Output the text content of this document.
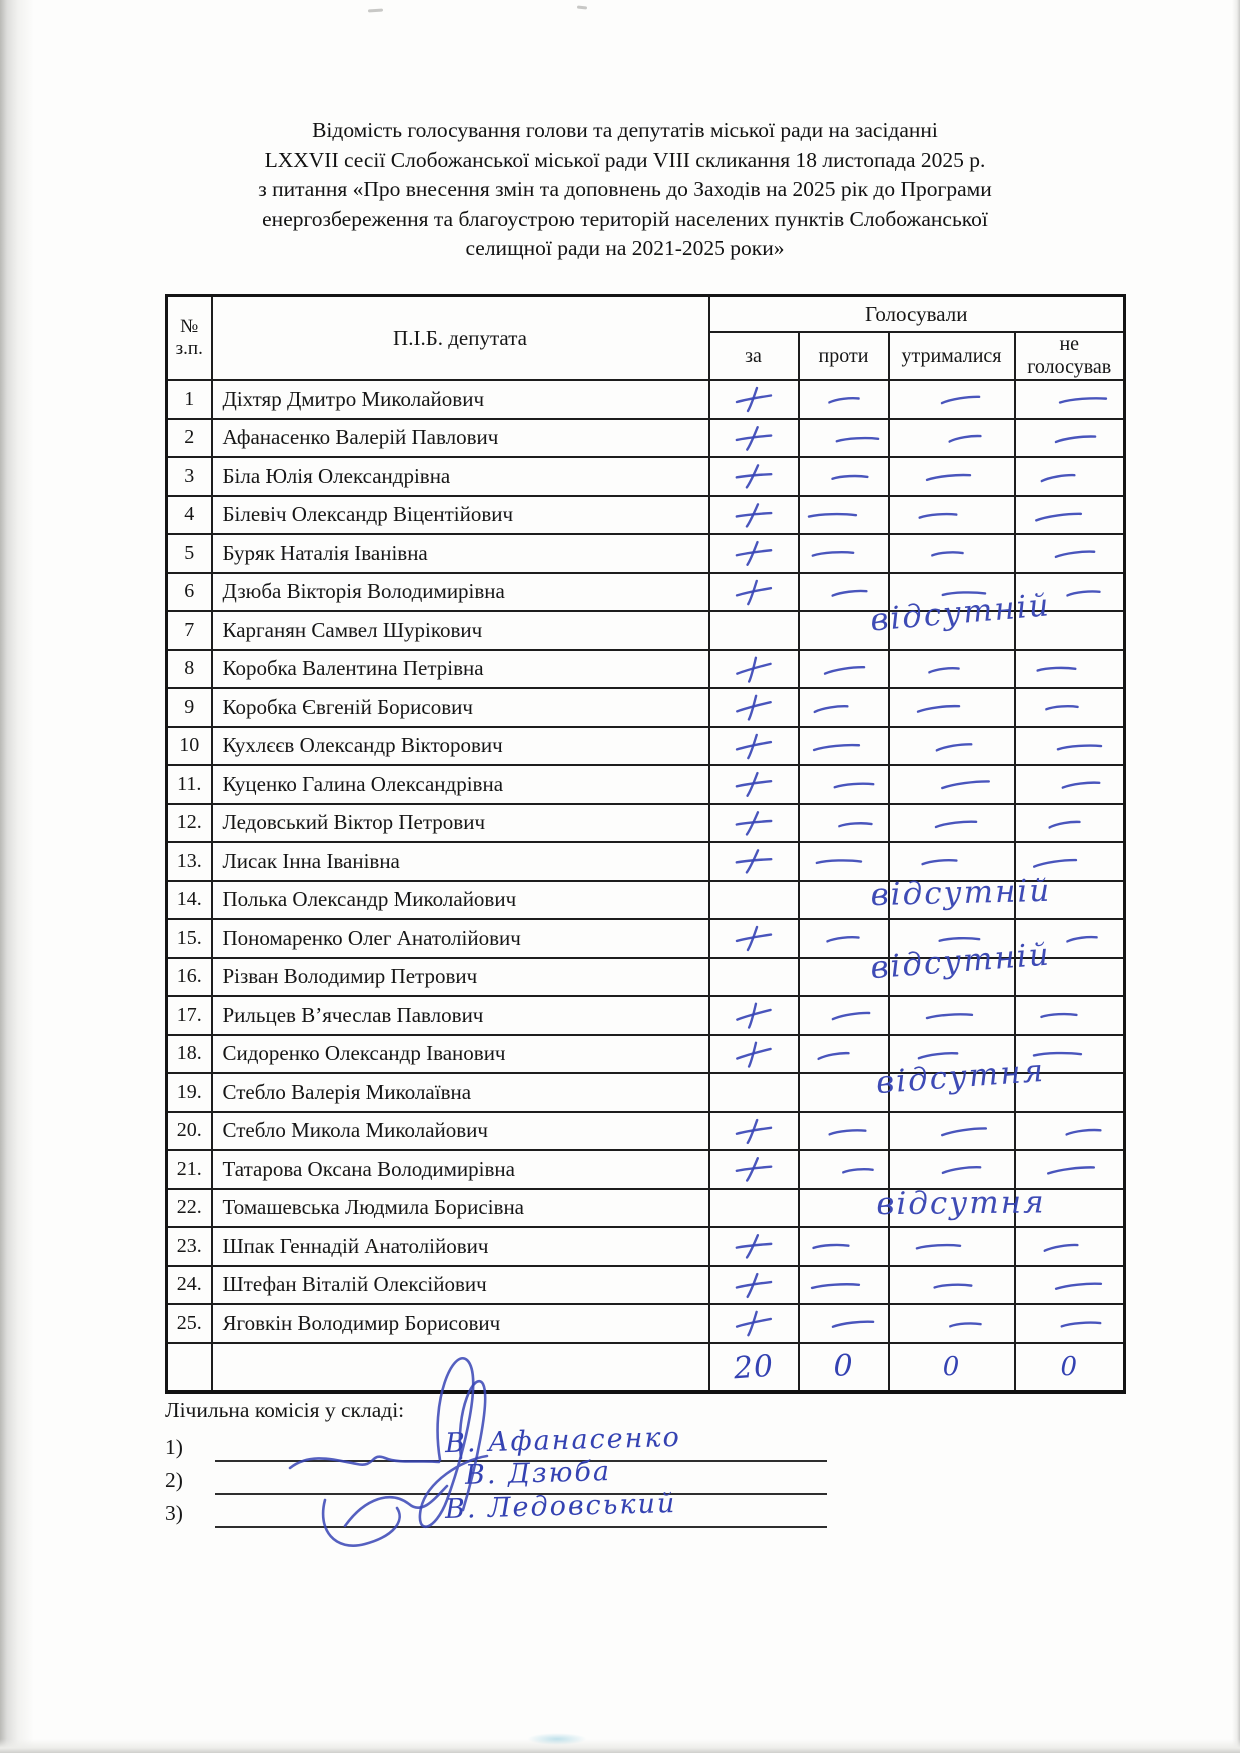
Відомість голосування голови та депутатів міської ради на засіданні
LXXVII сесії Слобожанської міської ради VIII скликання 18 листопада 2025 р.
з питання «Про внесення змін та доповнень до Заходів на 2025 рік до Програми
енергозбереження та благоустрою територій населених пунктів Слобожанської
селищної ради на 2021-2025 роки»
№
з.п.	П.І.Б. депутата	Голосували			
		за	проти	утрималися	не
голосував

1	Діхтяр Дмитро Миколайович				
2	Афанасенко Валерій Павлович				
3	Біла Юлія Олександрівна				
4	Білевіч Олександр Віцентійович				
5	Буряк Наталія Іванівна				
6	Дзюба Вікторія Володимирівна				
7	Карганян Самвел Шурікович		відсутній		

8	Коробка Валентина Петрівна				
9	Коробка Євгеній Борисович				
10	Кухлєєв Олександр Вікторович				
11.	Куценко Галина Олександрівна				
12.	Ледовський Віктор Петрович				
13.	Лисак Інна Іванівна				
14.	Полька Олександр Миколайович		відсутній		

15.	Пономаренко Олег Анатолійович				
16.	Різван Володимир Петрович		відсутній		

17.	Рильцев В’ячеслав Павлович				
18.	Сидоренко Олександр Іванович				
19.	Стебло Валерія Миколаївна		відсутня		

20.	Стебло Микола Миколайович				
21.	Татарова Оксана Володимирівна				
22.	Томашевська Людмила Борисівна		відсутня		

23.	Шпак Геннадій Анатолійович				
24.	Штефан Віталій Олексійович				
25.	Яговкін Володимир Борисович				
		20	0	0	0
Лічильна комісія у складі:
1)	В. Афанасенко
2)	В. Дзюба
3)	В. Ледовський
